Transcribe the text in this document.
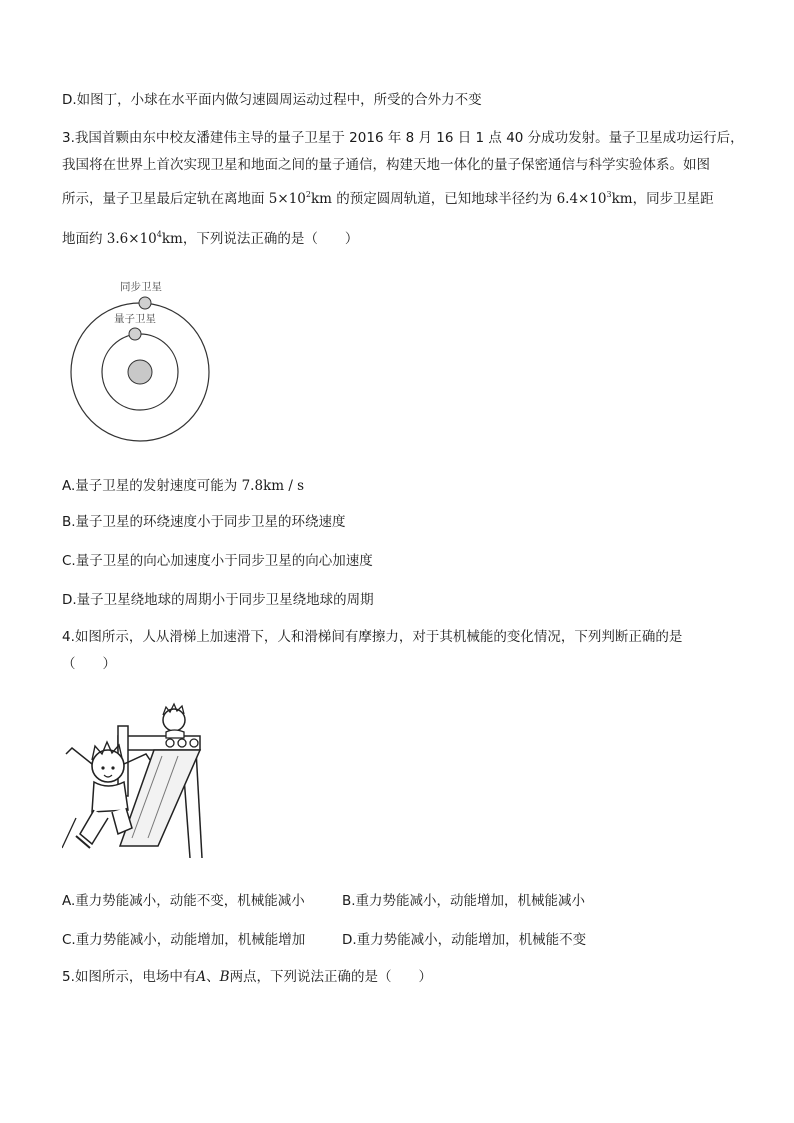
D.如图丁，小球在水平面内做匀速圆周运动过程中，所受的合外力不变
3.我国首颗由东中校友潘建伟主导的量子卫星于 2016 年 8 月 16 日 1 点 40 分成功发射。量子卫星成功运行后，
我国将在世界上首次实现卫星和地面之间的量子通信，构建天地一体化的量子保密通信与科学实验体系。如图
所示，量子卫星最后定轨在离地面 $5\times 10^2km$ 的预定圆周轨道，已知地球半径约为 $6.4\times 10^3km$，同步卫星距
地面约 $3.6\times 10^4km$，下列说法正确的是（　　）
同步卫星
量子卫星
A.量子卫星的发射速度可能为 7.8km / s
B.量子卫星的环绕速度小于同步卫星的环绕速度
C.量子卫星的向心加速度小于同步卫星的向心加速度
D.量子卫星绕地球的周期小于同步卫星绕地球的周期
4.如图所示，人从滑梯上加速滑下，人和滑梯间有摩擦力，对于其机械能的变化情况，下列判断正确的是
（　　）
A.重力势能减小，动能不变，机械能减小	B.重力势能减小，动能增加，机械能减小
C.重力势能减小，动能增加，机械能增加	D.重力势能减小，动能增加，机械能不变
5.如图所示，电场中有A、B两点，下列说法正确的是（　　）
